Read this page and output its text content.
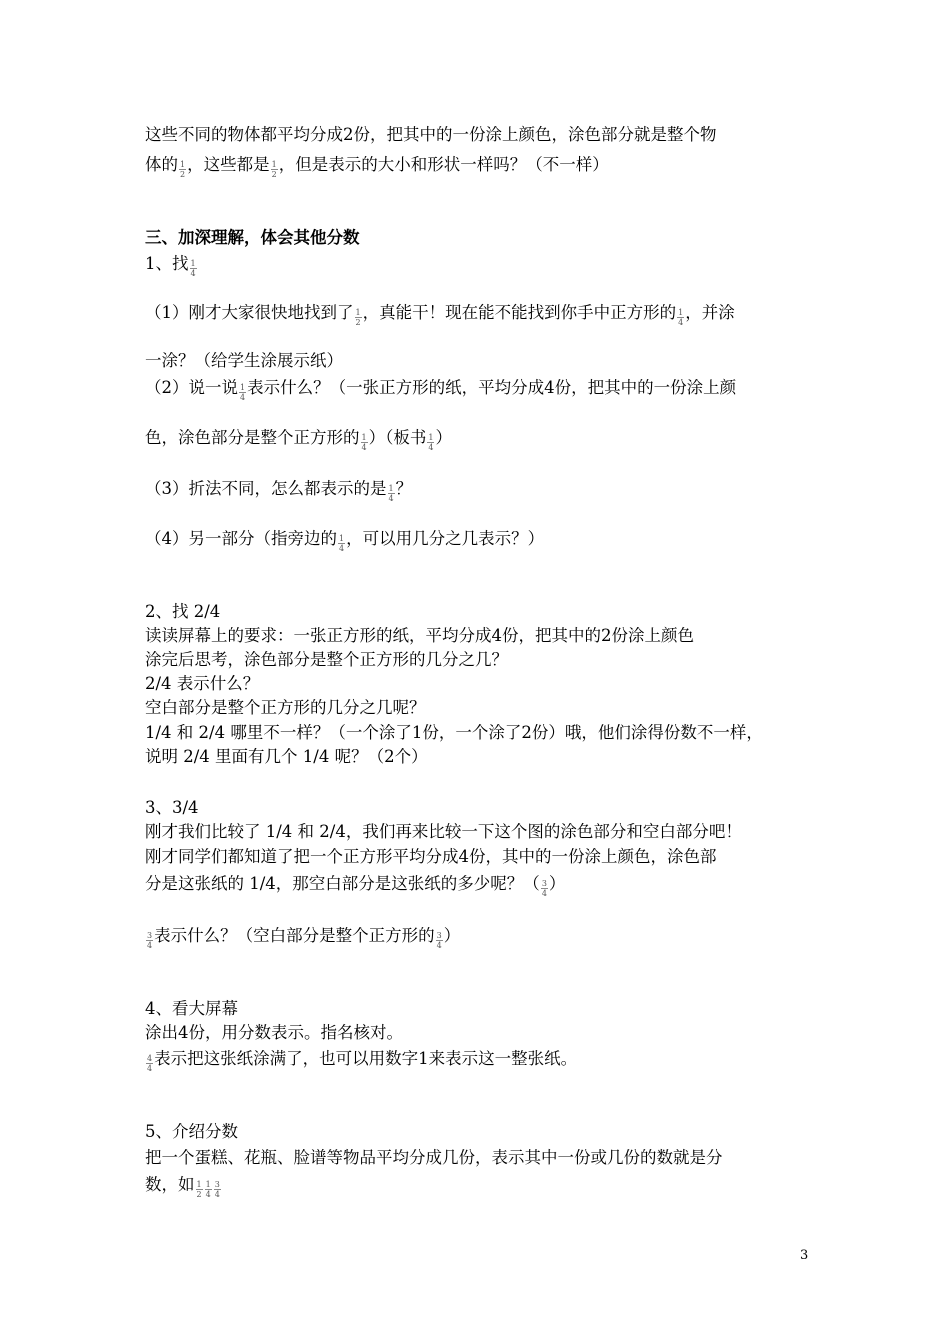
这些不同的物体都平均分成2份，把其中的一份涂上颜色，涂色部分就是整个物
体的 $\frac{1}{2}$ ，这些都是 $\frac{1}{2}$ ，但是表示的大小和形状一样吗？（不一样）
三、加深理解，体会其他分数
1、找 $\frac{1}{4}$
（1）刚才大家很快地找到了 $\frac{1}{2}$ ，真能干！现在能不能找到你手中正方形的 $\frac{1}{4}$ ，并涂
一涂？（给学生涂展示纸）
（2）说一说 $\frac{1}{4}$ 表示什么？（一张正方形的纸，平均分成4份，把其中的一份涂上颜
色，涂色部分是整个正方形的 $\frac{1}{4}$ ）（板书 $\frac{1}{4}$ ）
（3）折法不同，怎么都表示的是 $\frac{1}{4}$ ？
（4）另一部分（指旁边的 $\frac{1}{4}$ ，可以用几分之几表示？）
2、找 2/4
读读屏幕上的要求：一张正方形的纸，平均分成4份，把其中的2份涂上颜色
涂完后思考，涂色部分是整个正方形的几分之几？
2/4 表示什么？
空白部分是整个正方形的几分之几呢？
1/4 和 2/4 哪里不一样？（一个涂了1份，一个涂了2份）哦，他们涂得份数不一样，
说明 2/4 里面有几个 1/4 呢？（2个）
3、3/4
刚才我们比较了 1/4 和 2/4，我们再来比较一下这个图的涂色部分和空白部分吧！
刚才同学们都知道了把一个正方形平均分成4份，其中的一份涂上颜色，涂色部
分是这张纸的 1/4，那空白部分是这张纸的多少呢？（ $\frac{3}{4}$ ）
$\frac{3}{4}$ 表示什么？（空白部分是整个正方形的 $\frac{3}{4}$ ）
4、看大屏幕
涂出4份，用分数表示。指名核对。
$\frac{4}{4}$ 表示把这张纸涂满了，也可以用数字1来表示这一整张纸。
5、介绍分数
把一个蛋糕、花瓶、脸谱等物品平均分成几份，表示其中一份或几份的数就是分
数，如 $\frac{1}{2} \frac{1}{4} \frac{3}{4}$
3
